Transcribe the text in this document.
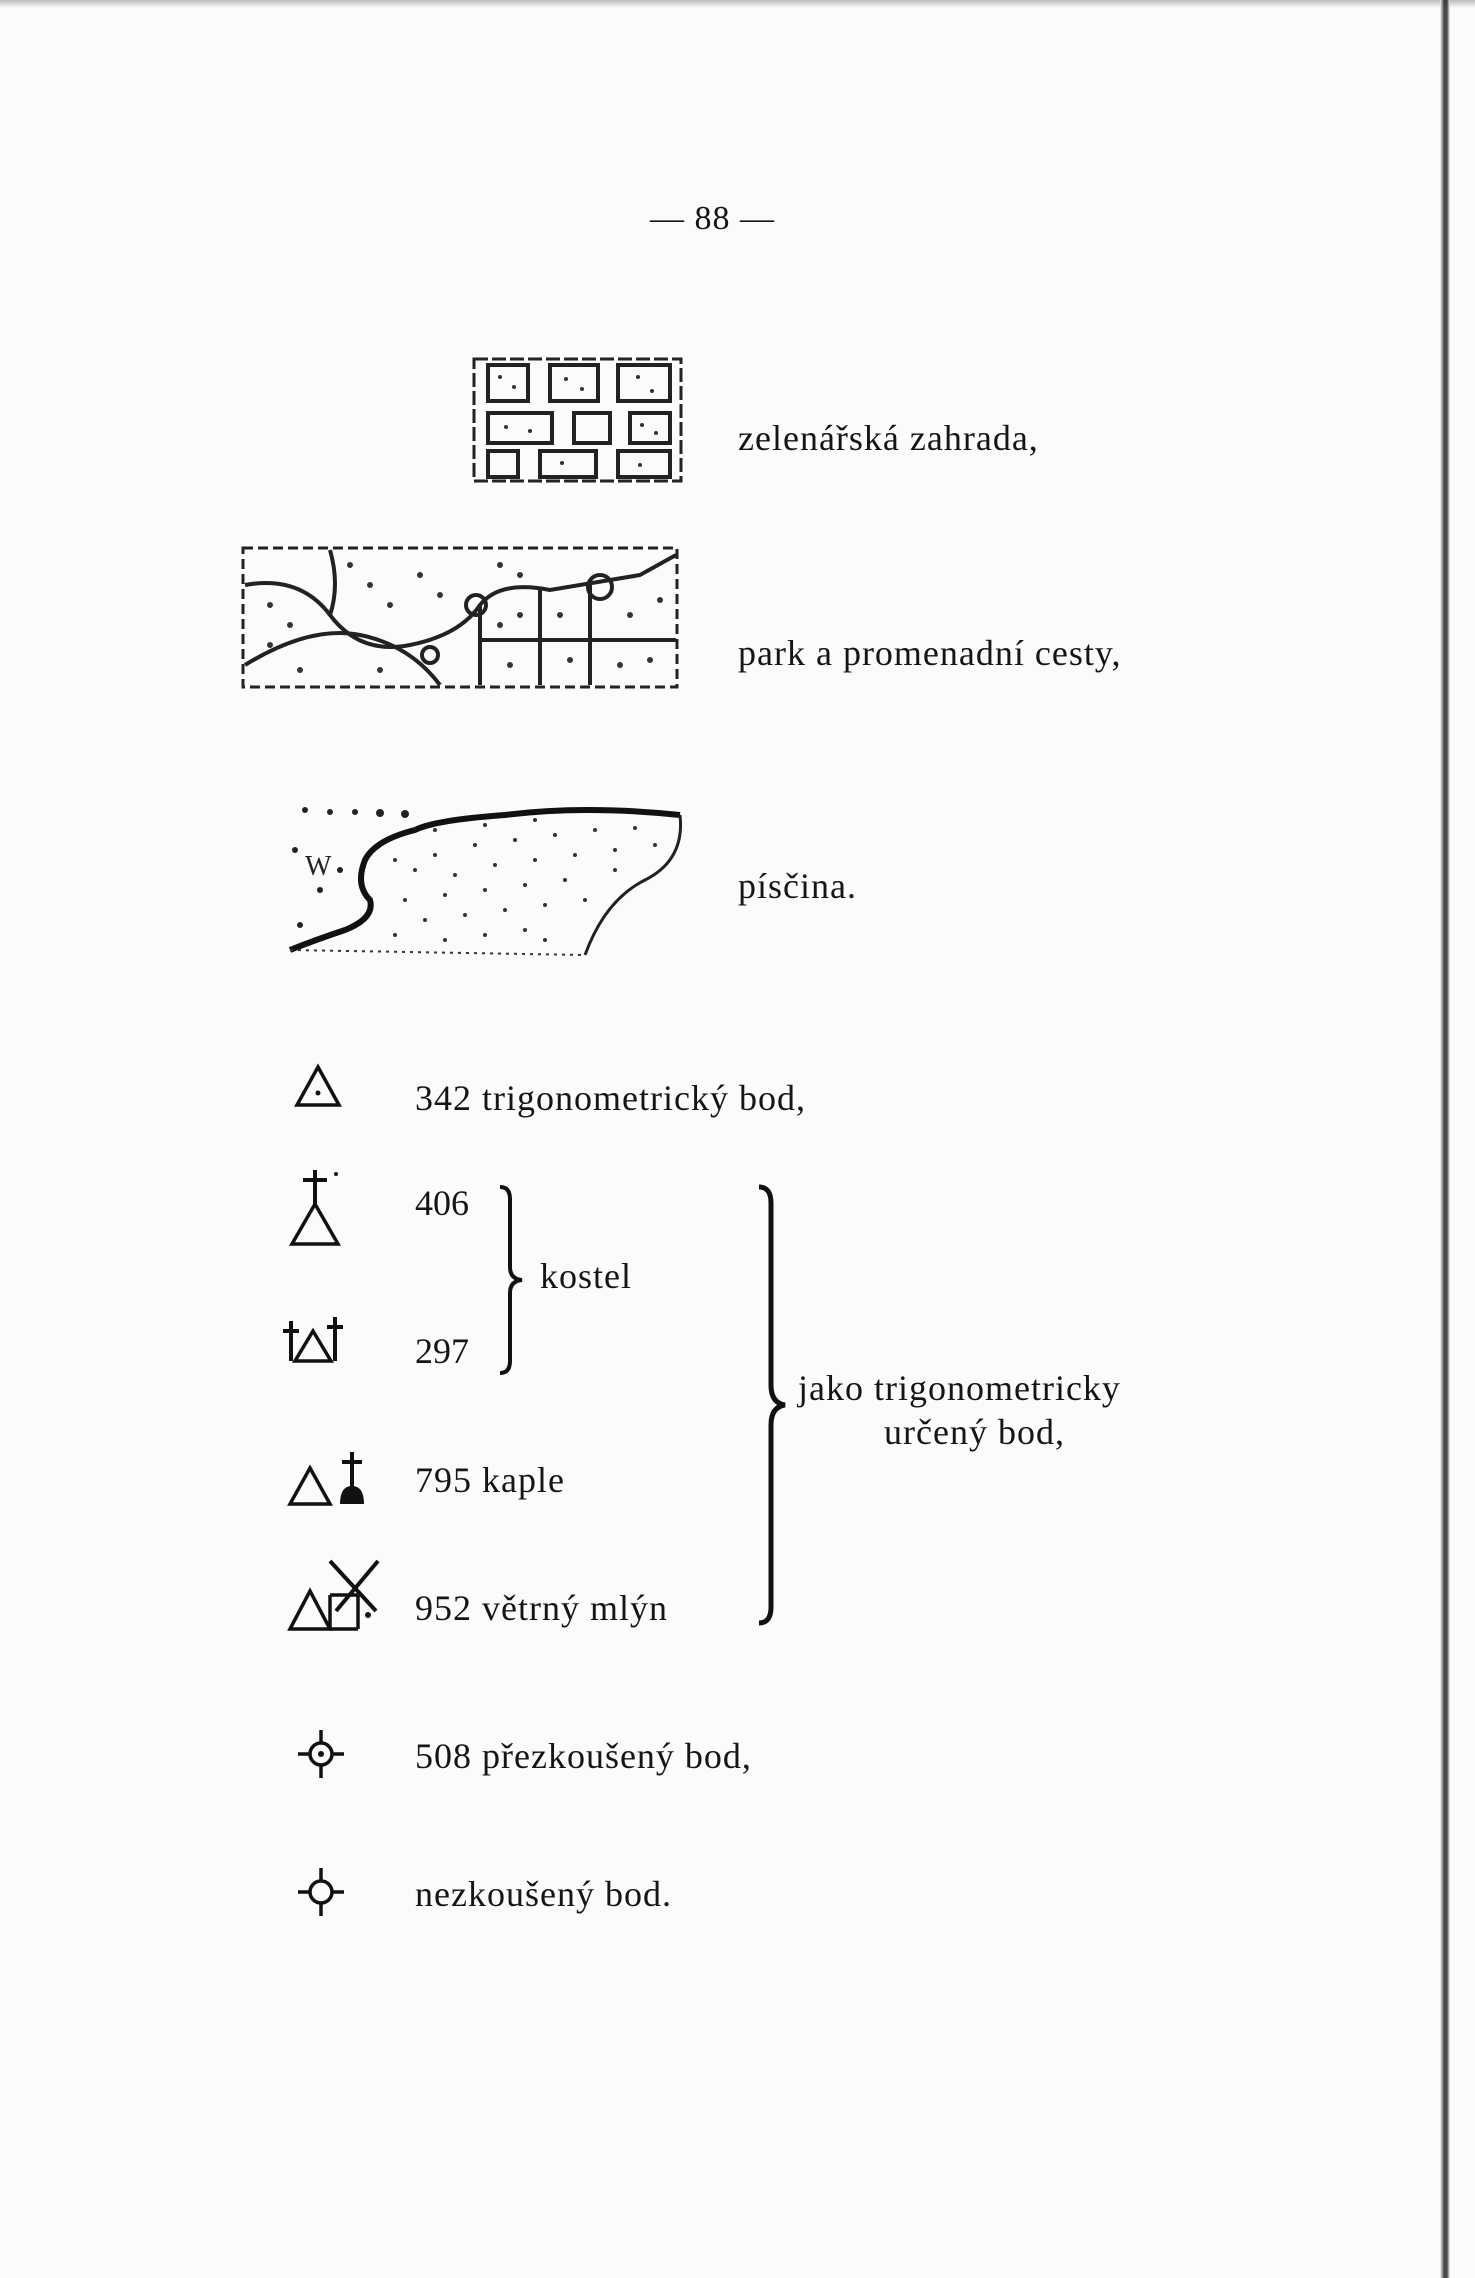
— 88 —
zelenářská zahrada,
park a promenadní cesty,
W	písčina.
342 trigonometrický bod,
406
297
kostel
795 kaple
952 větrný mlýn
jako trigonometricky
určený bod,
508 přezkoušený bod,
nezkoušený bod.
